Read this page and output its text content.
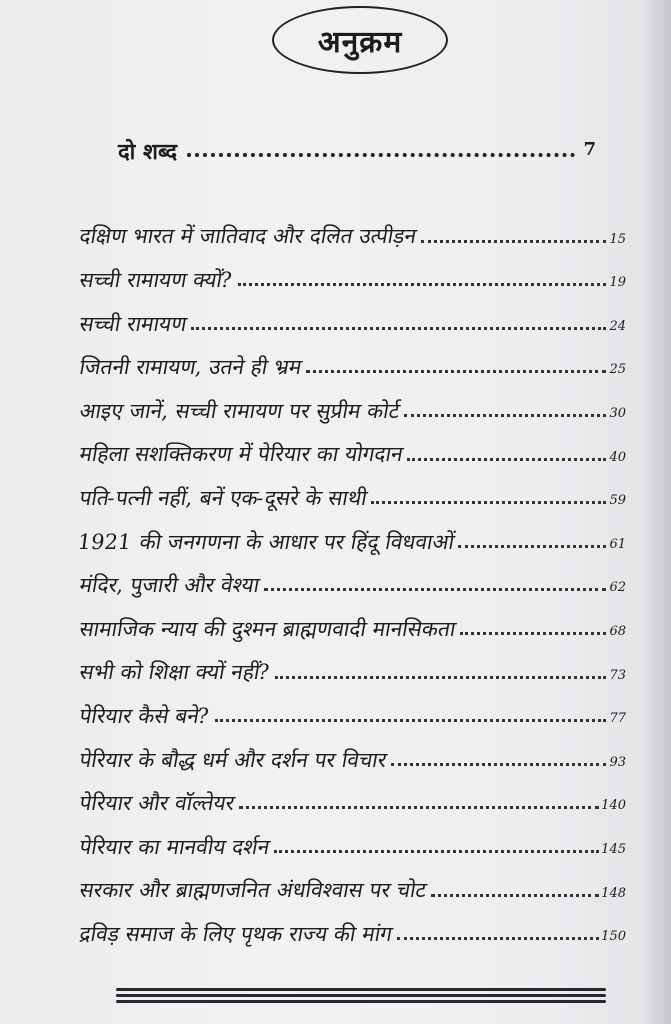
अनुक्रम
दो शब्द	7
दक्षिण भारत में जातिवाद और दलित उत्पीड़न	15
सच्ची रामायण क्यों?	19
सच्ची रामायण	24
जितनी रामायण, उतने ही भ्रम	25
आइए जानें, सच्ची रामायण पर सुप्रीम कोर्ट	30
महिला सशक्तिकरण में पेरियार का योगदान	40
पति-पत्नी नहीं, बनें एक-दूसरे के साथी	59
1921 की जनगणना के आधार पर हिंदू विधवाओं	61
मंदिर, पुजारी और वेश्या	62
सामाजिक न्याय की दुश्मन ब्राह्मणवादी मानसिकता	68
सभी को शिक्षा क्यों नहीं?	73
पेरियार कैसे बने?	77
पेरियार के बौद्ध धर्म और दर्शन पर विचार	93
पेरियार और वॉल्तेयर	140
पेरियार का मानवीय दर्शन	145
सरकार और ब्राह्मणजनित अंधविश्वास पर चोट	148
द्रविड़ समाज के लिए पृथक राज्य की मांग	150
